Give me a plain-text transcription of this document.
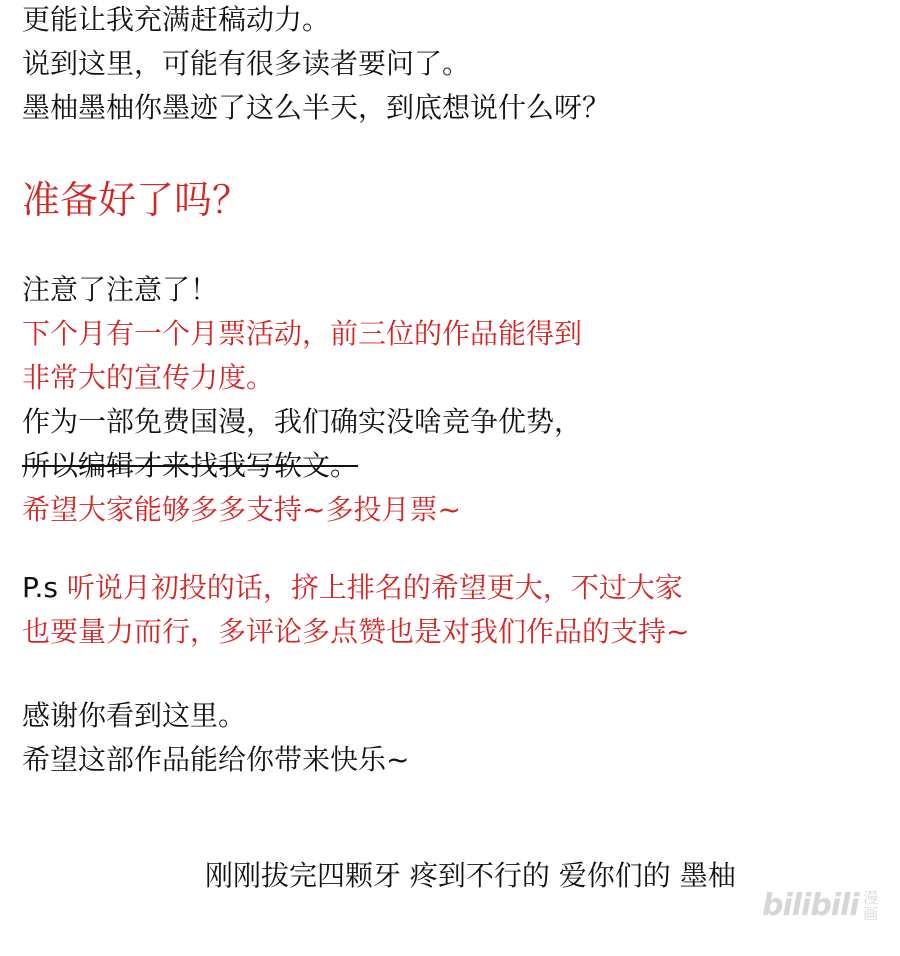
更能让我充满赶稿动力。
说到这里，可能有很多读者要问了。
墨柚墨柚你墨迹了这么半天，到底想说什么呀？
准备好了吗？
注意了注意了！
下个月有一个月票活动，前三位的作品能得到
非常大的宣传力度。
作为一部免费国漫，我们确实没啥竞争优势，
所以编辑才来找我写软文。
希望大家能够多多支持~多投月票~
P.s 听说月初投的话，挤上排名的希望更大，不过大家
也要量力而行，多评论多点赞也是对我们作品的支持~
感谢你看到这里。
希望这部作品能给你带来快乐~
刚刚拔完四颗牙 疼到不行的 爱你们的 墨柚
bilibili 漫画
